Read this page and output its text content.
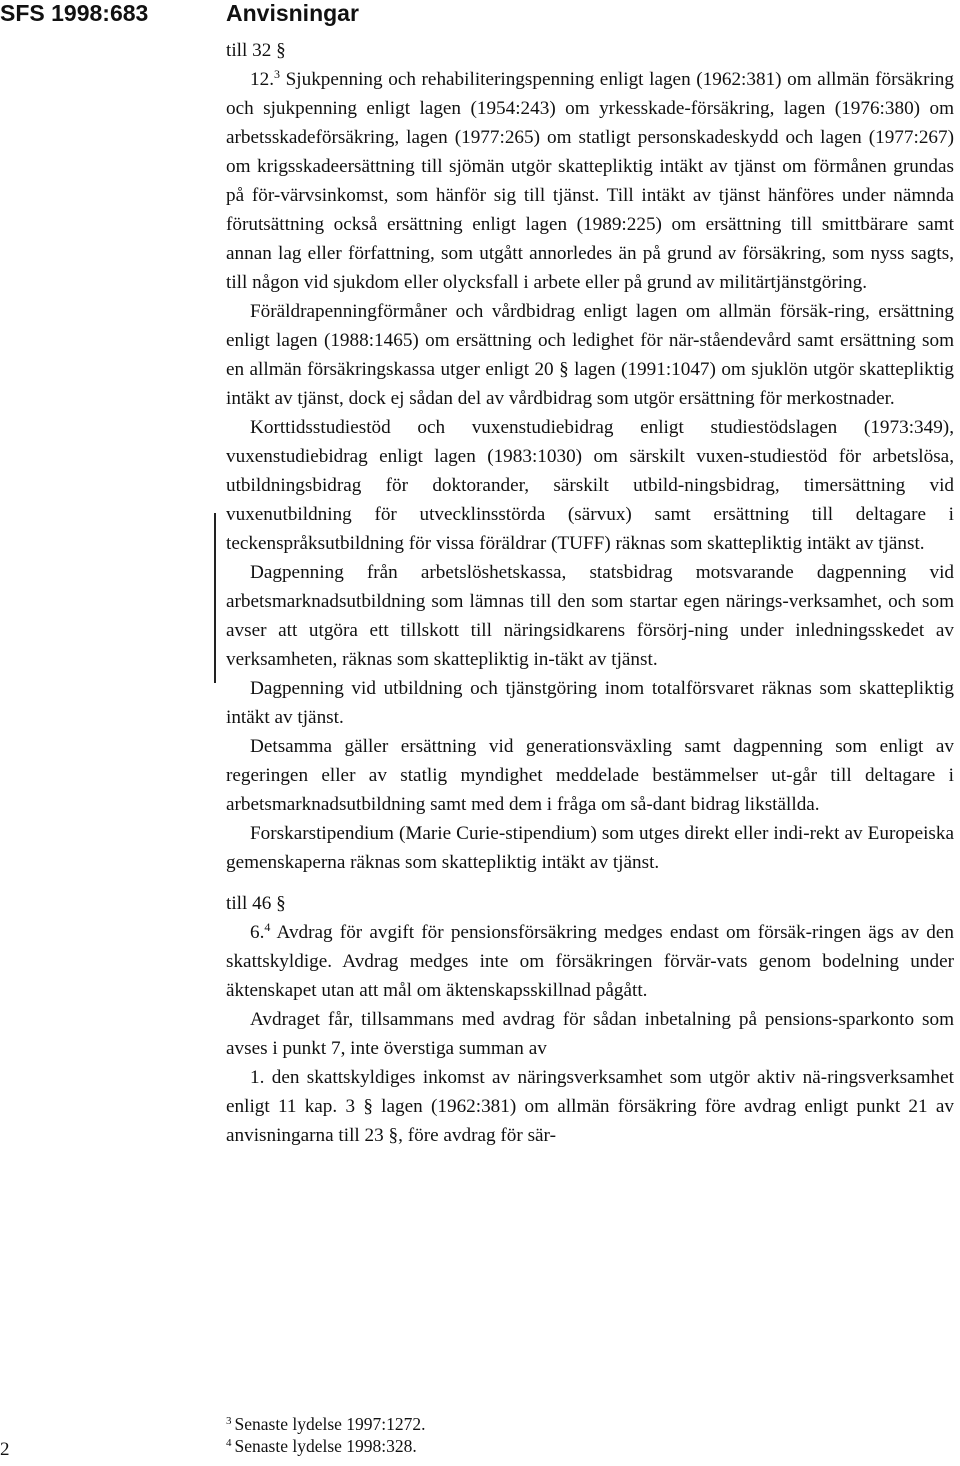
SFS 1998:683	Anvisningar

till 32 §

12.$^3$ Sjukpenning och rehabiliteringspenning enligt lagen (1962:381) om allmän försäkring och sjukpenning enligt lagen (1954:243) om yrkesskade-försäkring, lagen (1976:380) om arbetsskadeförsäkring, lagen (1977:265) om statligt personskadeskydd och lagen (1977:267) om krigsskadeersättning till sjömän utgör skattepliktig intäkt av tjänst om förmånen grundas på för-värvsinkomst, som hänför sig till tjänst. Till intäkt av tjänst hänföres under nämnda förutsättning också ersättning enligt lagen (1989:225) om ersättning till smittbärare samt annan lag eller författning, som utgått annorledes än på grund av försäkring, som nyss sagts, till någon vid sjukdom eller olycksfall i arbete eller på grund av militärtjänstgöring.

Föräldrapenningförmåner och vårdbidrag enligt lagen om allmän försäk-ring, ersättning enligt lagen (1988:1465) om ersättning och ledighet för när-ståendevård samt ersättning som en allmän försäkringskassa utger enligt 20 § lagen (1991:1047) om sjuklön utgör skattepliktig intäkt av tjänst, dock ej sådan del av vårdbidrag som utgör ersättning för merkostnader.

Korttidsstudiestöd och vuxenstudiebidrag enligt studiestödslagen (1973:349), vuxenstudiebidrag enligt lagen (1983:1030) om särskilt vuxen-studiestöd för arbetslösa, utbildningsbidrag för doktorander, särskilt utbild-ningsbidrag, timersättning vid vuxenutbildning för utvecklinsstörda (särvux) samt ersättning till deltagare i teckenspråksutbildning för vissa föräldrar (TUFF) räknas som skattepliktig intäkt av tjänst.

Dagpenning från arbetslöshetskassa, statsbidrag motsvarande dagpenning vid arbetsmarknadsutbildning som lämnas till den som startar egen närings-verksamhet, och som avser att utgöra ett tillskott till näringsidkarens försörj-ning under inledningsskedet av verksamheten, räknas som skattepliktig in-täkt av tjänst.

Dagpenning vid utbildning och tjänstgöring inom totalförsvaret räknas som skattepliktig intäkt av tjänst.

Detsamma gäller ersättning vid generationsväxling samt dagpenning som enligt av regeringen eller av statlig myndighet meddelade bestämmelser ut-går till deltagare i arbetsmarknadsutbildning samt med dem i fråga om så-dant bidrag likställda.

Forskarstipendium (Marie Curie-stipendium) som utges direkt eller indi-rekt av Europeiska gemenskaperna räknas som skattepliktig intäkt av tjänst.

till 46 §

6.$^4$ Avdrag för avgift för pensionsförsäkring medges endast om försäk-ringen ägs av den skattskyldige. Avdrag medges inte om försäkringen förvär-vats genom bodelning under äktenskapet utan att mål om äktenskapsskillnad pågått.

Avdraget får, tillsammans med avdrag för sådan inbetalning på pensions-sparkonto som avses i punkt 7, inte överstiga summan av

1. den skattskyldiges inkomst av näringsverksamhet som utgör aktiv nä-ringsverksamhet enligt 11 kap. 3 § lagen (1962:381) om allmän försäkring före avdrag enligt punkt 21 av anvisningarna till 23 §, före avdrag för sär-

$^3$ Senaste lydelse 1997:1272.

$^4$ Senaste lydelse 1998:328.

2
